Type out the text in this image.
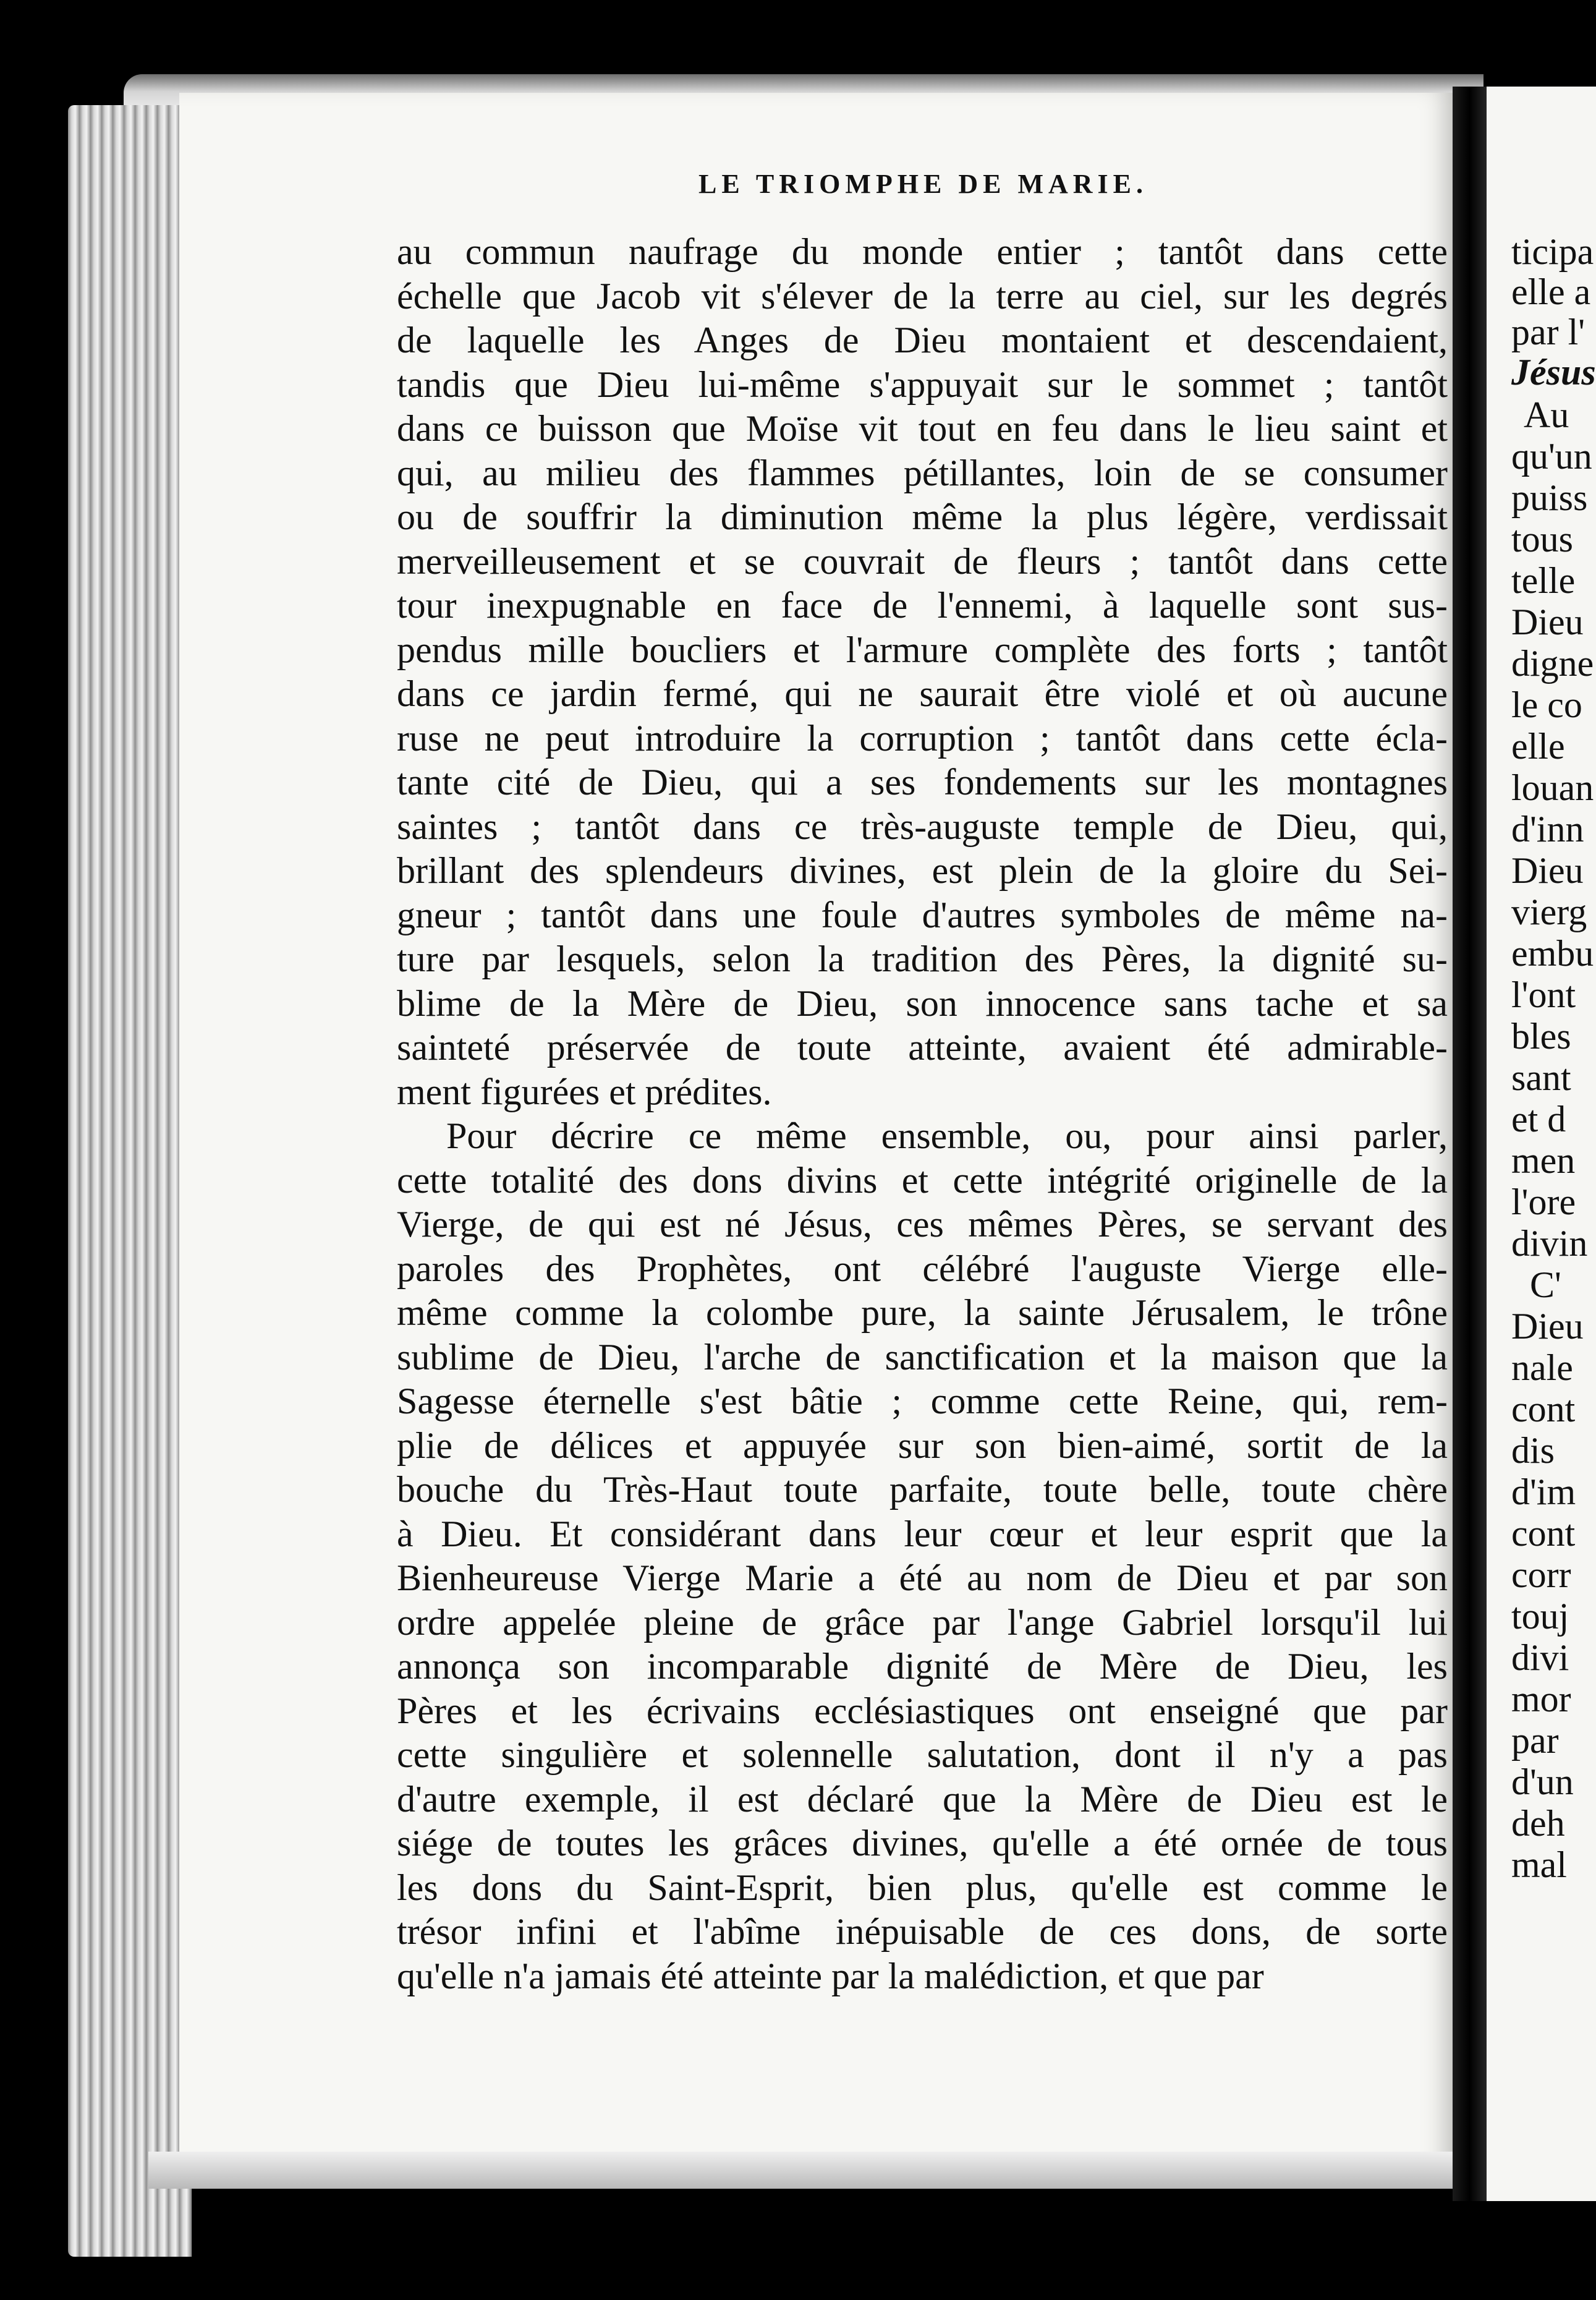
ticipa
elle a
par l'
Jésus
Au
qu'un
puiss
tous
telle
Dieu
digne
le co
elle
louan
d'inn
Dieu
vierg
embu
l'ont
bles
sant
et d
men
l'ore
divin
C'
Dieu
nale
cont
dis
d'im
cont
corr
touj
divi
mor
par
d'un
deh
mal
LE TRIOMPHE DE MARIE.
au commun naufrage du monde entier ; tantôt dans cette
échelle que Jacob vit s'élever de la terre au ciel, sur les degrés
de laquelle les Anges de Dieu montaient et descendaient,
tandis que Dieu lui-même s'appuyait sur le sommet ; tantôt
dans ce buisson que Moïse vit tout en feu dans le lieu saint et
qui, au milieu des flammes pétillantes, loin de se consumer
ou de souffrir la diminution même la plus légère, verdissait
merveilleusement et se couvrait de fleurs ; tantôt dans cette
tour inexpugnable en face de l'ennemi, à laquelle sont sus-
pendus mille boucliers et l'armure complète des forts ; tantôt
dans ce jardin fermé, qui ne saurait être violé et où aucune
ruse ne peut introduire la corruption ; tantôt dans cette écla-
tante cité de Dieu, qui a ses fondements sur les montagnes
saintes ; tantôt dans ce très-auguste temple de Dieu, qui,
brillant des splendeurs divines, est plein de la gloire du Sei-
gneur ; tantôt dans une foule d'autres symboles de même na-
ture par lesquels, selon la tradition des Pères, la dignité su-
blime de la Mère de Dieu, son innocence sans tache et sa
sainteté préservée de toute atteinte, avaient été admirable-
ment figurées et prédites.
Pour décrire ce même ensemble, ou, pour ainsi parler,
cette totalité des dons divins et cette intégrité originelle de la
Vierge, de qui est né Jésus, ces mêmes Pères, se servant des
paroles des Prophètes, ont célébré l'auguste Vierge elle-
même comme la colombe pure, la sainte Jérusalem, le trône
sublime de Dieu, l'arche de sanctification et la maison que la
Sagesse éternelle s'est bâtie ; comme cette Reine, qui, rem-
plie de délices et appuyée sur son bien-aimé, sortit de la
bouche du Très-Haut toute parfaite, toute belle, toute chère
à Dieu. Et considérant dans leur cœur et leur esprit que la
Bienheureuse Vierge Marie a été au nom de Dieu et par son
ordre appelée pleine de grâce par l'ange Gabriel lorsqu'il lui
annonça son incomparable dignité de Mère de Dieu, les
Pères et les écrivains ecclésiastiques ont enseigné que par
cette singulière et solennelle salutation, dont il n'y a pas
d'autre exemple, il est déclaré que la Mère de Dieu est le
siége de toutes les grâces divines, qu'elle a été ornée de tous
les dons du Saint-Esprit, bien plus, qu'elle est comme le
trésor infini et l'abîme inépuisable de ces dons, de sorte
qu'elle n'a jamais été atteinte par la malédiction, et que par
